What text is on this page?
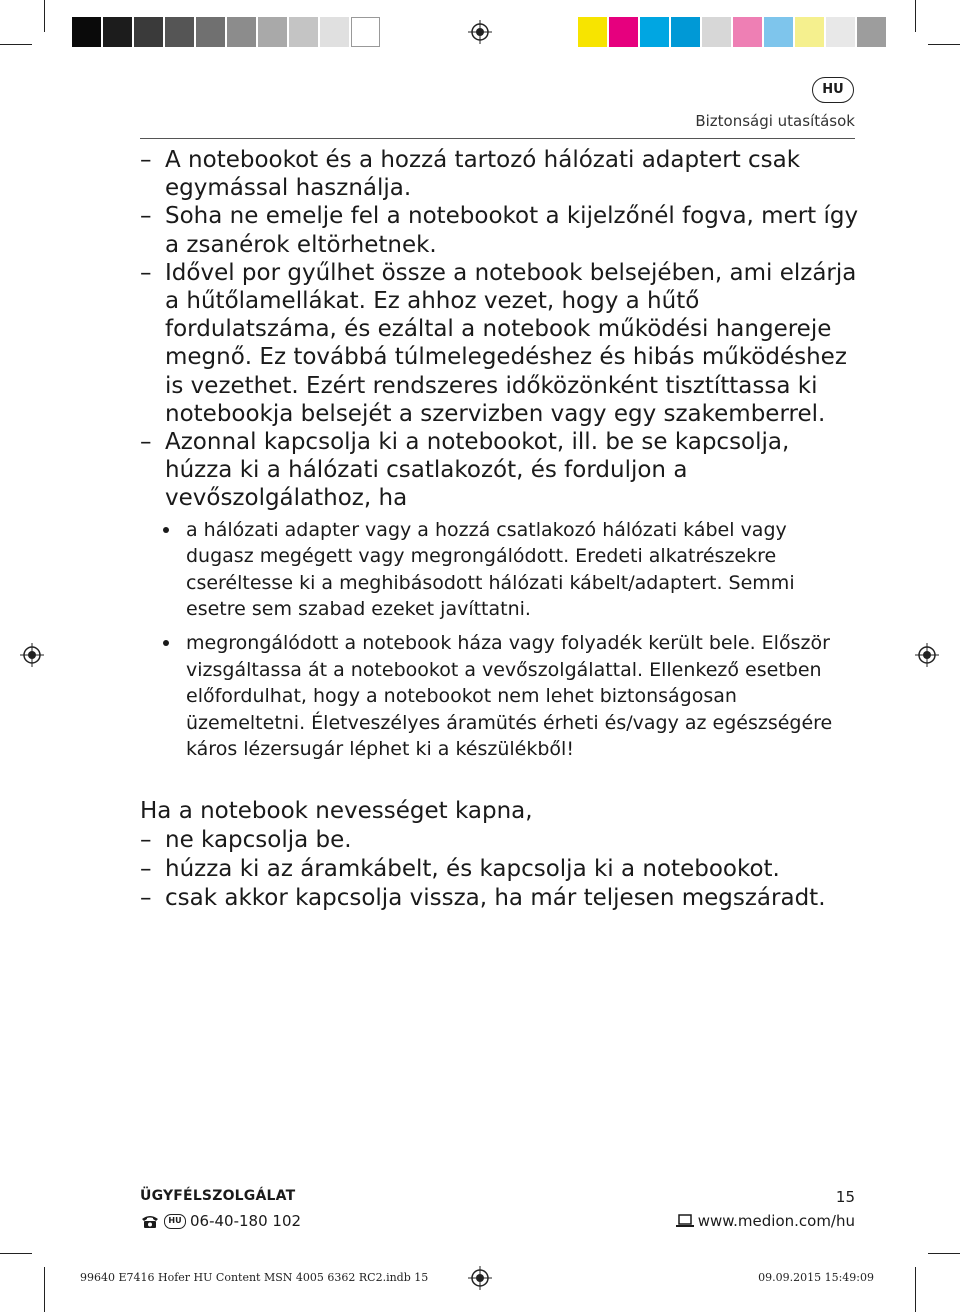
HU
Biztonsági utasítások
– A notebookot és a hozzá tartozó hálózati adaptert csak egymással használja.
– Soha ne emelje fel a notebookot a kijelzőnél fogva, mert így a zsanérok eltörhetnek.
– Idővel por gyűlhet össze a notebook belsejében, ami elzárja a hűtőlamellákat. Ez ahhoz vezet, hogy a hűtő fordulatszáma, és ezáltal a notebook működési hangereje megnő. Ez továbbá túlmelegedéshez és hibás működéshez is vezethet. Ezért rendszeres időközönként tisztíttassa ki notebookja belsejét a szervizben vagy egy szakemberrel.
– Azonnal kapcsolja ki a notebookot, ill. be se kapcsolja, húzza ki a hálózati csatlakozót, és forduljon a vevőszolgálathoz, ha
a hálózati adapter vagy a hozzá csatlakozó hálózati kábel vagy dugasz megégett vagy megrongálódott. Eredeti alkatrészekre cseréltesse ki a meghibásodott hálózati kábelt/adaptert. Semmi esetre sem szabad ezeket javíttatni.
megrongálódott a notebook háza vagy folyadék került bele. Először vizsgáltassa át a notebookot a vevőszolgálattal. Ellenkező esetben előfordulhat, hogy a notebookot nem lehet biztonságosan üzemeltetni. Életveszélyes áramütés érheti és/vagy az egészségére káros lézersugár léphet ki a készülékből!
Ha a notebook nevességet kapna,
– ne kapcsolja be.
– húzza ki az áramkábelt, és kapcsolja ki a notebookot.
– csak akkor kapcsolja vissza, ha már teljesen megszáradt.
ÜGYFÉLSZOLGÁLAT	15
HU 06-40-180 102	www.medion.com/hu
99640 E7416 Hofer HU Content MSN 4005 6362 RC2.indb 15	09.09.2015 15:49:09
